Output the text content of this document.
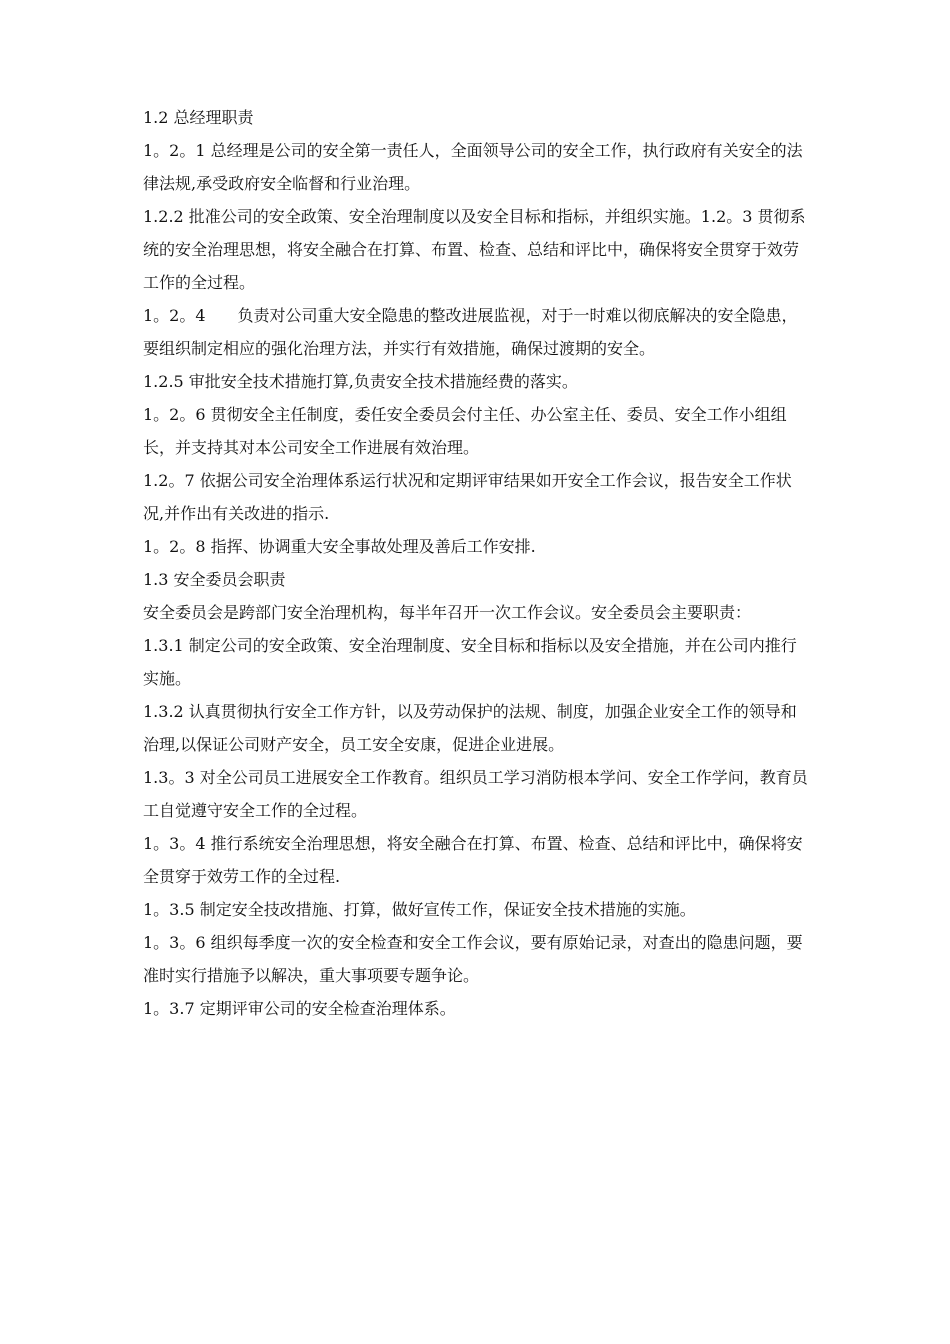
1.2 总经理职责

1。2。1 总经理是公司的安全第一责任人，全面领导公司的安全工作，执行政府有关安全的法律法规,承受政府安全临督和行业治理。

1.2.2 批准公司的安全政策、安全治理制度以及安全目标和指标，并组织实施。1.2。3 贯彻系统的安全治理思想，将安全融合在打算、布置、检查、总结和评比中，确保将安全贯穿于效劳工作的全过程。

1。2。4　　负责对公司重大安全隐患的整改进展监视，对于一时难以彻底解决的安全隐患，要组织制定相应的强化治理方法，并实行有效措施，确保过渡期的安全。

1.2.5 审批安全技术措施打算,负责安全技术措施经费的落实。

1。2。6 贯彻安全主任制度，委任安全委员会付主任、办公室主任、委员、安全工作小组组长，并支持其对本公司安全工作进展有效治理。

1.2。7 依据公司安全治理体系运行状况和定期评审结果如开安全工作会议，报告安全工作状况,并作出有关改进的指示.

1。2。8 指挥、协调重大安全事故处理及善后工作安排.

1.3 安全委员会职责

安全委员会是跨部门安全治理机构，每半年召开一次工作会议。安全委员会主要职责：

1.3.1 制定公司的安全政策、安全治理制度、安全目标和指标以及安全措施，并在公司内推行实施。

1.3.2 认真贯彻执行安全工作方针，以及劳动保护的法规、制度，加强企业安全工作的领导和治理,以保证公司财产安全，员工安全安康，促进企业进展。

1.3。3 对全公司员工进展安全工作教育。组织员工学习消防根本学问、安全工作学问，教育员工自觉遵守安全工作的全过程。

1。3。4 推行系统安全治理思想，将安全融合在打算、布置、检查、总结和评比中，确保将安全贯穿于效劳工作的全过程.

1。3.5 制定安全技改措施、打算，做好宣传工作，保证安全技术措施的实施。

1。3。6 组织每季度一次的安全检查和安全工作会议，要有原始记录，对查出的隐患问题，要准时实行措施予以解决，重大事项要专题争论。

1。3.7 定期评审公司的安全检查治理体系。
